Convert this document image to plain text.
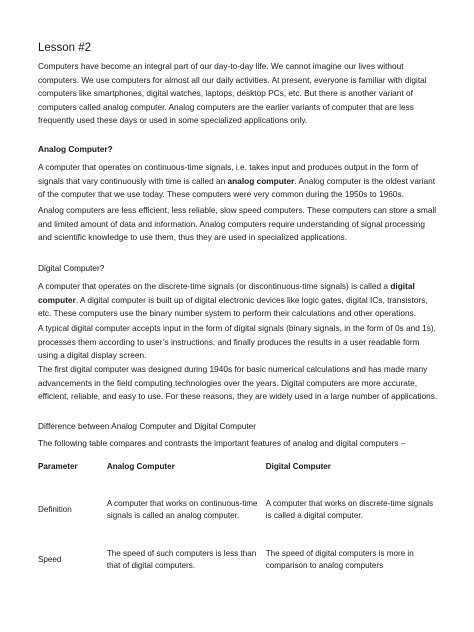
Lesson #2
Computers have become an integral part of our day-to-day life. We cannot imagine our lives without computers. We use computers for almost all our daily activities. At present, everyone is familiar with digital computers like smartphones, digital watches, laptops, desktop PCs, etc. But there is another variant of computers called analog computer. Analog computers are the earlier variants of computer that are less frequently used these days or used in some specialized applications only.
Analog Computer?
A computer that operates on continuous-time signals, i.e. takes input and produces output in the form of signals that vary continuously with time is called an analog computer. Analog computer is the oldest variant of the computer that we use today. These computers were very common during the 1950s to 1960s.
Analog computers are less efficient, less reliable, slow speed computers. These computers can store a small and limited amount of data and information. Analog computers require understanding of signal processing and scientific knowledge to use them, thus they are used in specialized applications.
Digital Computer?
A computer that operates on the discrete-time signals (or discontinuous-time signals) is called a digital computer. A digital computer is built up of digital electronic devices like logic gates, digital ICs, transistors, etc. These computers use the binary number system to perform their calculations and other operations.
A typical digital computer accepts input in the form of digital signals (binary signals, in the form of 0s and 1s), processes them according to user’s instructions, and finally produces the results in a user readable form using a digital display screen.
The first digital computer was designed during 1940s for basic numerical calculations and has made many advancements in the field computing technologies over the years. Digital computers are more accurate, efficient, reliable, and easy to use. For these reasons, they are widely used in a large number of applications.
Difference between Analog Computer and Digital Computer
The following table compares and contrasts the important features of analog and digital computers –
Parameter	Analog Computer	Digital Computer
Definition	A computer that works on continuous-time signals is called an analog computer.	A computer that works on discrete-time signals is called a digital computer.
Speed	The speed of such computers is less than that of digital computers.	The speed of digital computers is more in comparison to analog computers
